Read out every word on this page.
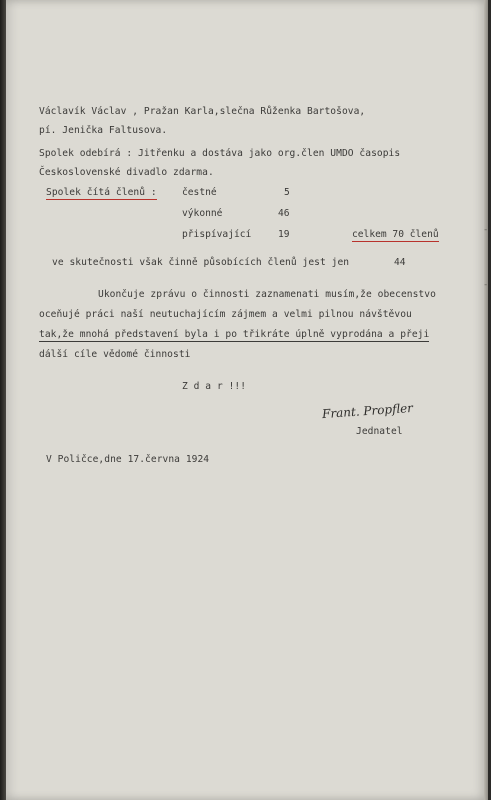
Václavík Václav , Pražan Karla,slečna Růženka Bartošova,
pí. Jenička Faltusova.
Spolek odebírá : Jitřenku a dostáva jako org.člen UMDO časopis
Československé divadlo zdarma.
Spolek čítá členů :	čestné	5
výkonné	46
přispívající	19	celkem 70 členů
ve skutečnosti však činně působících členů jest jen	44
Ukončuje zprávu o činnosti zaznamenati musím,že obecenstvo
oceňujé práci naší neutuchajícím zájmem a velmi pilnou návštěvou
tak,že mnohá představení byla i po třikráte úplně vyprodána a přeji
dálší cíle vědomé činnosti
Z d a r !!!
Frant. Propfler
Jednatel
V Poličce,dne 17.června 1924
-
-
